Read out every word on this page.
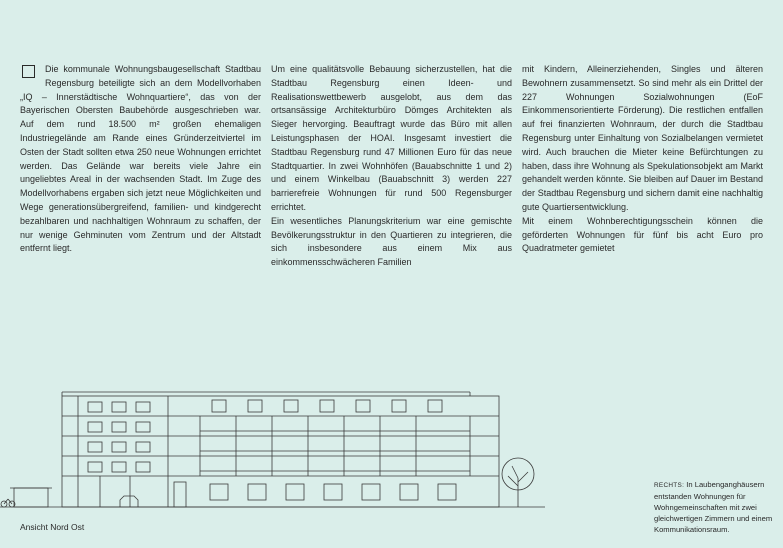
Die kommunale Wohnungsbaugesellschaft Stadtbau Regensburg beteiligte sich an dem Modellvorhaben „IQ – Innerstädtische Wohnquartiere“, das von der Bayerischen Obersten Baubehörde ausgeschrieben war. Auf dem rund 18.500 m² großen ehemaligen Industriegelände am Rande eines Gründerzeitviertel im Osten der Stadt sollten etwa 250 neue Wohnungen errichtet werden. Das Gelände war bereits viele Jahre ein ungeliebtes Areal in der wachsenden Stadt. Im Zuge des Modellvorhabens ergaben sich jetzt neue Möglichkeiten und Wege generationsübergreifend, familien- und kindgerecht bezahlbaren und nachhaltigen Wohnraum zu schaffen, der nur wenige Gehminuten vom Zentrum und der Altstadt entfernt liegt.

Um eine qualitätsvolle Bebauung sicherzustellen, hat die Stadtbau Regensburg einen Ideen- und Realisationswettbewerb ausgelobt, aus dem das ortsansässige Architekturbüro Dömges Architekten als Sieger hervorging. Beauftragt wurde das Büro mit allen Leistungsphasen der HOAI. Insgesamt investiert die Stadtbau Regensburg rund 47 Millionen Euro für das neue Stadtquartier. In zwei Wohnhöfen (Bauabschnitte 1 und 2) und einem Winkelbau (Bauabschnitt 3) werden 227 barrierefreie Wohnungen für rund 500 Regensburger errichtet.

Ein wesentliches Planungskriterium war eine gemischte Bevölkerungsstruktur in den Quartieren zu integrieren, die sich insbesondere aus einem Mix aus einkommensschwächeren Familien

mit Kindern, Alleinerziehenden, Singles und älteren Bewohnern zusammensetzt. So sind mehr als ein Drittel der 227 Wohnungen Sozialwohnungen (EoF Einkommensorientierte Förderung). Die restlichen entfallen auf frei finanzierten Wohnraum, der durch die Stadtbau Regensburg unter Einhaltung von Sozialbelangen vermietet wird. Auch brauchen die Mieter keine Befürchtungen zu haben, dass ihre Wohnung als Spekulationsobjekt am Markt gehandelt werden könnte. Sie bleiben auf Dauer im Bestand der Stadtbau Regensburg und sichern damit eine nachhaltig gute Quartiersentwicklung.

Mit einem Wohnberechtigungsschein können die geförderten Wohnungen für fünf bis acht Euro pro Quadratmeter gemietet

Ansicht Nord Ost

RECHTS: In Laubenganghäusern entstanden Wohnungen für Wohngemeinschaften mit zwei gleichwertigen Zimmern und einem Kommunikationsraum.
